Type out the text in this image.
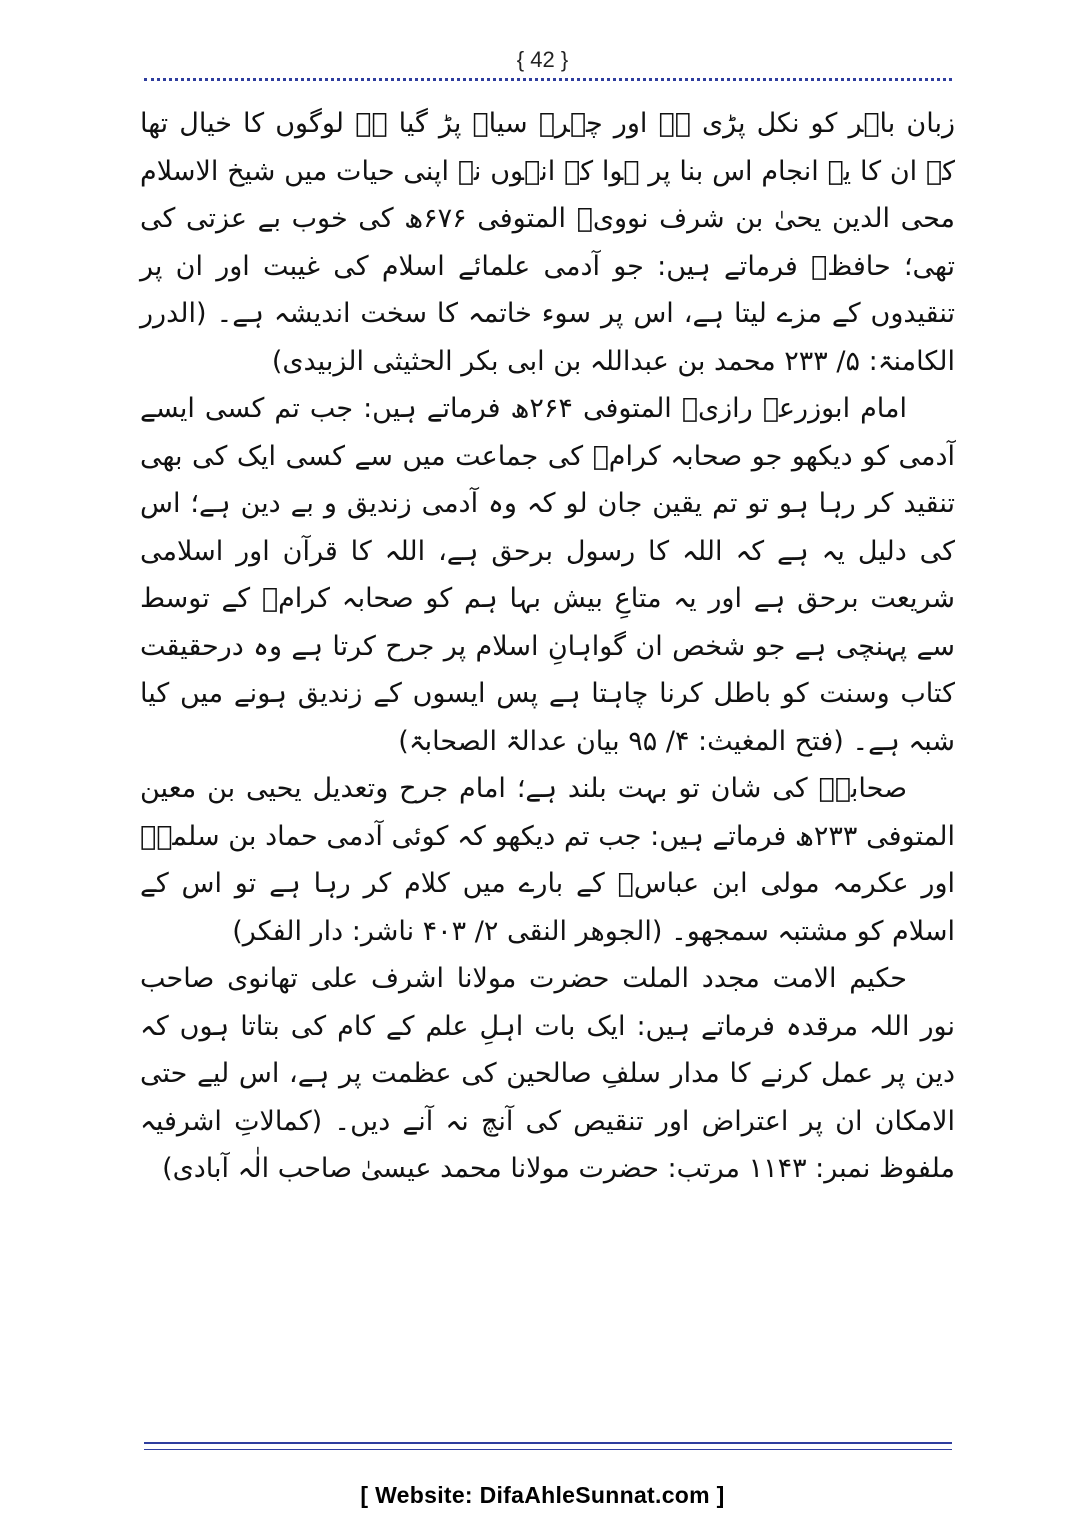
{ 42 }

زبان باہر کو نکل پڑی ہے اور چہرہ سیاہ پڑ گیا ہے لوگوں کا خیال تھا کہ ان کا یہ انجام اس بنا پر ہوا کہ انہوں نے اپنی حیات میں شیخ الاسلام محی الدین یحیٰ بن شرف نوویؒ المتوفی ۶۷۶ھ کی خوب بے عزتی کی تھی؛ حافظؒ فرماتے ہیں: جو آدمی علمائے اسلام کی غیبت اور ان پر تنقیدوں کے مزے لیتا ہے، اس پر سوء خاتمہ کا سخت اندیشہ ہے۔ (الدرر الکامنۃ: ۵/ ۲۳۳ محمد بن عبداللہ بن ابی بکر الحثیثی الزبیدی)

امام ابوزرعۃ رازیؒ المتوفی ۲۶۴ھ فرماتے ہیں: جب تم کسی ایسے آدمی کو دیکھو جو صحابہ کرامؓ کی جماعت میں سے کسی ایک کی بھی تنقید کر رہا ہو تو تم یقین جان لو کہ وہ آدمی زندیق و بے دین ہے؛ اس کی دلیل یہ ہے کہ اللہ کا رسول برحق ہے، اللہ کا قرآن اور اسلامی شریعت برحق ہے اور یہ متاعِ بیش بہا ہم کو صحابہ کرامؓ کے توسط سے پہنچی ہے جو شخص ان گواہانِ اسلام پر جرح کرتا ہے وہ درحقیقت کتاب وسنت کو باطل کرنا چاہتا ہے پس ایسوں کے زندیق ہونے میں کیا شبہ ہے۔ (فتح المغیث: ۴/ ۹۵ بیان عدالۃ الصحابۃ)

صحابہؓ کی شان تو بہت بلند ہے؛ امام جرح وتعدیل یحیی بن معین المتوفی ۲۳۳ھ فرماتے ہیں: جب تم دیکھو کہ کوئی آدمی حماد بن سلمہؒ اور عکرمہ مولی ابن عباسؓ کے بارے میں کلام کر رہا ہے تو اس کے اسلام کو مشتبہ سمجھو۔ (الجوھر النقی ۲/ ۴۰۳ ناشر: دار الفکر)

حکیم الامت مجدد الملت حضرت مولانا اشرف علی تھانوی صاحب نور اللہ مرقدہ فرماتے ہیں: ایک بات اہلِ علم کے کام کی بتاتا ہوں کہ دین پر عمل کرنے کا مدار سلفِ صالحین کی عظمت پر ہے، اس لیے حتی الامکان ان پر اعتراض اور تنقیص کی آنچ نہ آنے دیں۔ (کمالاتِ اشرفیہ ملفوظ نمبر: ۱۱۴۳ مرتب: حضرت مولانا محمد عیسیٰ صاحب الٰہ آبادی)

[ Website: DifaAhleSunnat.com ]
